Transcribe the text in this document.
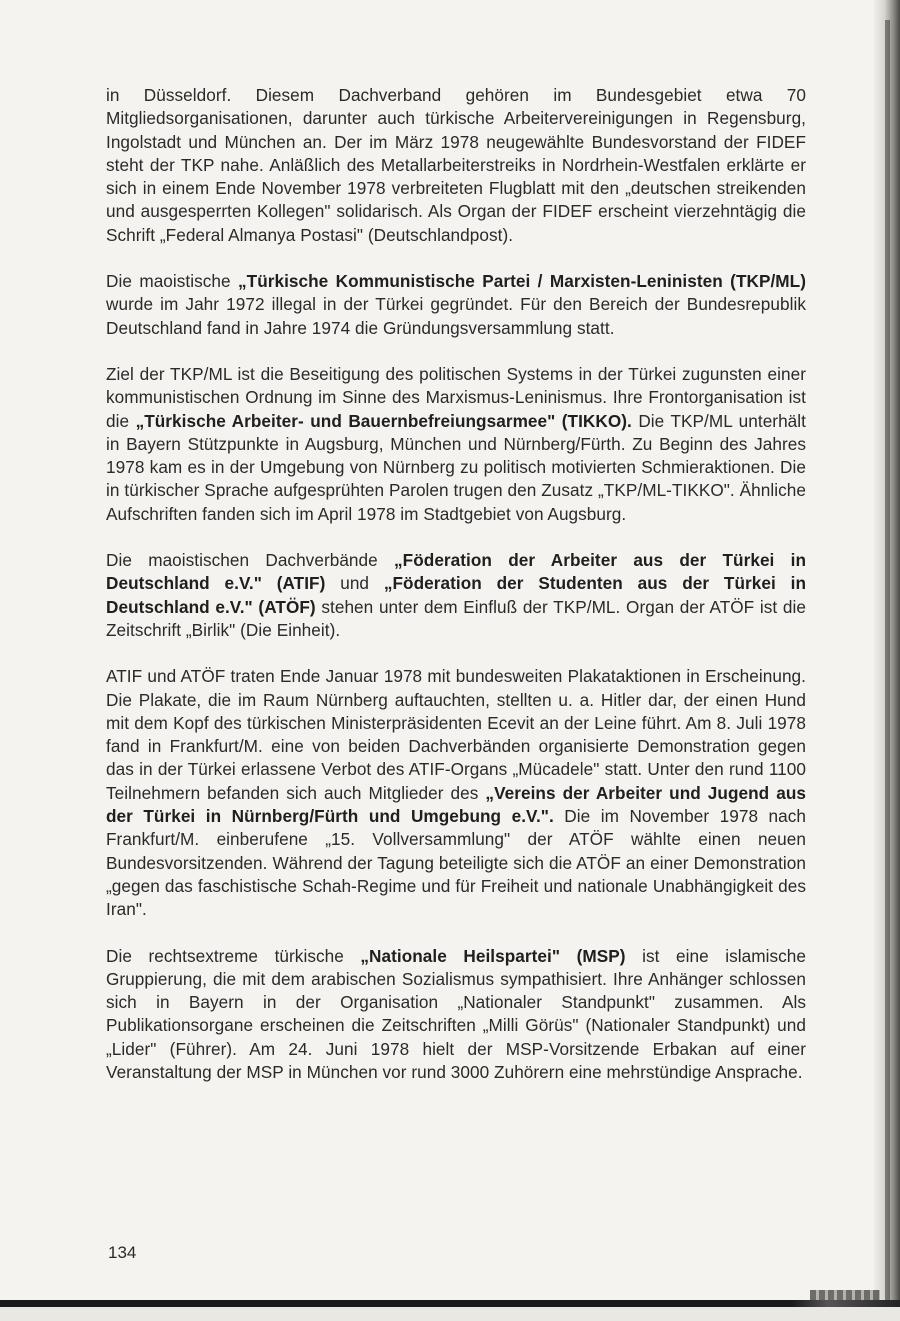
in Düsseldorf. Diesem Dachverband gehören im Bundesgebiet etwa 70 Mitgliedsorganisationen, darunter auch türkische Arbeitervereinigungen in Regensburg, Ingolstadt und München an. Der im März 1978 neugewählte Bundesvorstand der FIDEF steht der TKP nahe. Anläßlich des Metallarbeiterstreiks in Nordrhein-Westfalen erklärte er sich in einem Ende November 1978 verbreiteten Flugblatt mit den „deutschen streikenden und ausgesperrten Kollegen" solidarisch. Als Organ der FIDEF erscheint vierzehntägig die Schrift „Federal Almanya Postasi" (Deutschlandpost).

Die maoistische „Türkische Kommunistische Partei / Marxisten-Leninisten (TKP/ML) wurde im Jahr 1972 illegal in der Türkei gegründet. Für den Bereich der Bundesrepublik Deutschland fand in Jahre 1974 die Gründungsversammlung statt.

Ziel der TKP/ML ist die Beseitigung des politischen Systems in der Türkei zugunsten einer kommunistischen Ordnung im Sinne des Marxismus-Leninismus. Ihre Frontorganisation ist die „Türkische Arbeiter- und Bauernbefreiungsarmee" (TIKKO). Die TKP/ML unterhält in Bayern Stützpunkte in Augsburg, München und Nürnberg/Fürth. Zu Beginn des Jahres 1978 kam es in der Umgebung von Nürnberg zu politisch motivierten Schmieraktionen. Die in türkischer Sprache aufgesprühten Parolen trugen den Zusatz „TKP/ML-TIKKO". Ähnliche Aufschriften fanden sich im April 1978 im Stadtgebiet von Augsburg.

Die maoistischen Dachverbände „Föderation der Arbeiter aus der Türkei in Deutschland e.V." (ATIF) und „Föderation der Studenten aus der Türkei in Deutschland e.V." (ATÖF) stehen unter dem Einfluß der TKP/ML. Organ der ATÖF ist die Zeitschrift „Birlik" (Die Einheit).

ATIF und ATÖF traten Ende Januar 1978 mit bundesweiten Plakataktionen in Erscheinung. Die Plakate, die im Raum Nürnberg auftauchten, stellten u. a. Hitler dar, der einen Hund mit dem Kopf des türkischen Ministerpräsidenten Ecevit an der Leine führt. Am 8. Juli 1978 fand in Frankfurt/M. eine von beiden Dachverbänden organisierte Demonstration gegen das in der Türkei erlassene Verbot des ATIF-Organs „Mücadele" statt. Unter den rund 1100 Teilnehmern befanden sich auch Mitglieder des „Vereins der Arbeiter und Jugend aus der Türkei in Nürnberg/Fürth und Umgebung e.V.". Die im November 1978 nach Frankfurt/M. einberufene „15. Vollversammlung" der ATÖF wählte einen neuen Bundesvorsitzenden. Während der Tagung beteiligte sich die ATÖF an einer Demonstration „gegen das faschistische Schah-Regime und für Freiheit und nationale Unabhängigkeit des Iran".

Die rechtsextreme türkische „Nationale Heilspartei" (MSP) ist eine islamische Gruppierung, die mit dem arabischen Sozialismus sympathisiert. Ihre Anhänger schlossen sich in Bayern in der Organisation „Nationaler Standpunkt" zusammen. Als Publikationsorgane erscheinen die Zeitschriften „Milli Görüs" (Nationaler Standpunkt) und „Lider" (Führer). Am 24. Juni 1978 hielt der MSP-Vorsitzende Erbakan auf einer Veranstaltung der MSP in München vor rund 3000 Zuhörern eine mehrstündige Ansprache.

134
